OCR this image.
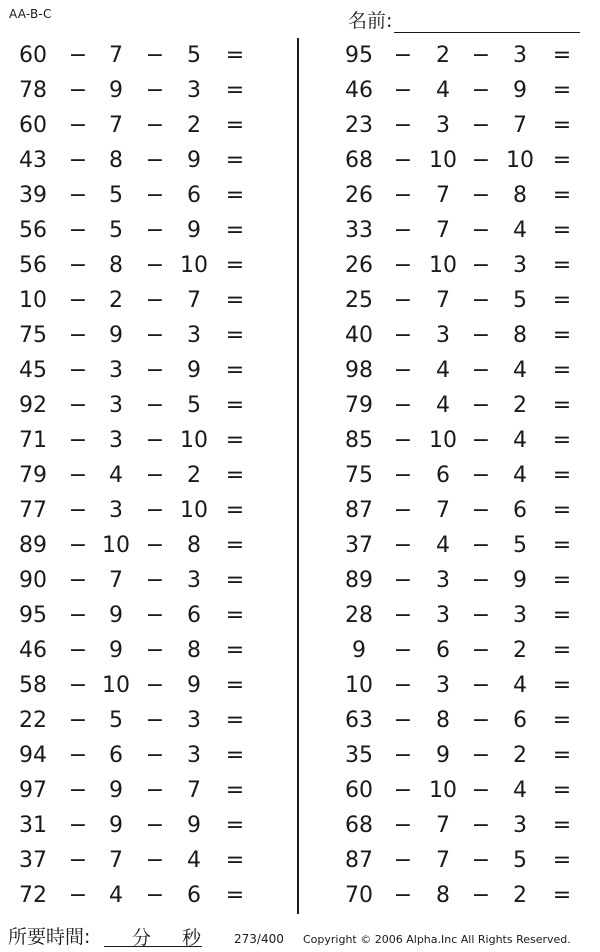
AA-B-C	名前:
60 − 7	−	5	=
78 − 9	−	3	=
60 − 7	−	2	=
43 − 8	−	9	=
39 − 5	−	6	=
56 − 5	−	9	=
56 − 8	− 10 =
10 − 2	−	7	=
75 − 9	−	3	=
45 − 3	−	9	=
92 − 3	−	5	=
71 − 3	− 10 =
79 − 4	−	2	=
77 − 3	− 10 =
89 − 10 −	8	=
90 − 7	−	3	=
95 − 9	−	6	=
46 − 9	−	8	=
58 − 10 −	9	=
22 − 5	−	3	=
94 − 6	−	3	=
97 − 9	−	7	=
31 − 9	−	9	=
37 − 7	−	4	=
72 − 4	−	6	=
95 −	2 −	3	=
46 −	4 −	9	=
23 −	3 −	7	=
68 − 10 − 10 =
26 −	7 −	8	=
33 −	7 −	4	=
26 − 10 −	3	=
25 −	7 −	5	=
40 −	3 −	8	=
98 −	4 −	4	=
79 −	4 −	2	=
85 − 10 −	4	=
75 −	6 −	4	=
87 −	7 −	6	=
37 −	4 −	5	=
89 −	3 −	9	=
28 −	3 −	3	=
9	−	6 −	2	=
10 −	3 −	4	=
63 −	8 −	6	=
35 −	9 −	2	=
60 − 10 −	4	=
68 −	7 −	3	=
87 −	7 −	5	=
70 −	8 −	2	=
所要時間: 分 秒	273/400 Copyright © 2006 Alpha.Inc All Rights Reserved.
